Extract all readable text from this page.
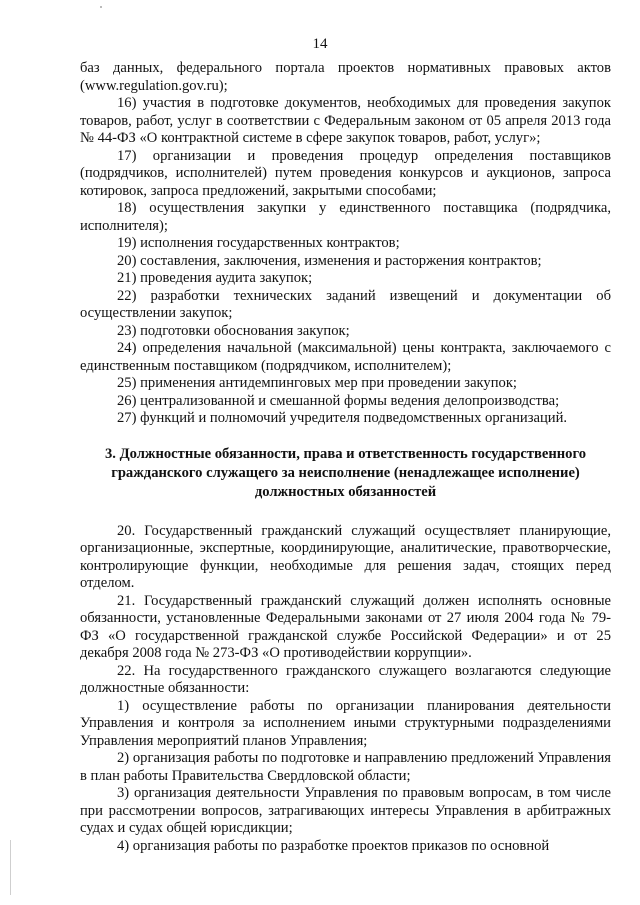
14

баз данных, федерального портала проектов нормативных правовых актов (www.regulation.gov.ru);

16) участия в подготовке документов, необходимых для проведения закупок товаров, работ, услуг в соответствии с Федеральным законом от 05 апреля 2013 года № 44-ФЗ «О контрактной системе в сфере закупок товаров, работ, услуг»;

17) организации и проведения процедур определения поставщиков (подрядчиков, исполнителей) путем проведения конкурсов и аукционов, запроса котировок, запроса предложений, закрытыми способами;

18) осуществления закупки у единственного поставщика (подрядчика, исполнителя);

19) исполнения государственных контрактов;

20) составления, заключения, изменения и расторжения контрактов;

21) проведения аудита закупок;

22) разработки технических заданий извещений и документации об осуществлении закупок;

23) подготовки обоснования закупок;

24) определения начальной (максимальной) цены контракта, заключаемого с единственным поставщиком (подрядчиком, исполнителем);

25) применения антидемпинговых мер при проведении закупок;

26) централизованной и смешанной формы ведения делопроизводства;

27) функций и полномочий учредителя подведомственных организаций.

3. Должностные обязанности, права и ответственность государственного
гражданского служащего за неисполнение (ненадлежащее исполнение)
должностных обязанностей

20. Государственный гражданский служащий осуществляет планирующие, организационные, экспертные, координирующие, аналитические, правотворческие, контролирующие функции, необходимые для решения задач, стоящих перед отделом.

21. Государственный гражданский служащий должен исполнять основные обязанности, установленные Федеральными законами от 27 июля 2004 года № 79-ФЗ «О государственной гражданской службе Российской Федерации» и от 25 декабря 2008 года № 273-ФЗ «О противодействии коррупции».

22. На государственного гражданского служащего возлагаются следующие должностные обязанности:

1) осуществление работы по организации планирования деятельности Управления и контроля за исполнением иными структурными подразделениями Управления мероприятий планов Управления;

2) организация работы по подготовке и направлению предложений Управления в план работы Правительства Свердловской области;

3) организация деятельности Управления по правовым вопросам, в том числе при рассмотрении вопросов, затрагивающих интересы Управления в арбитражных судах и судах общей юрисдикции;

4) организация работы по разработке проектов приказов по основной
